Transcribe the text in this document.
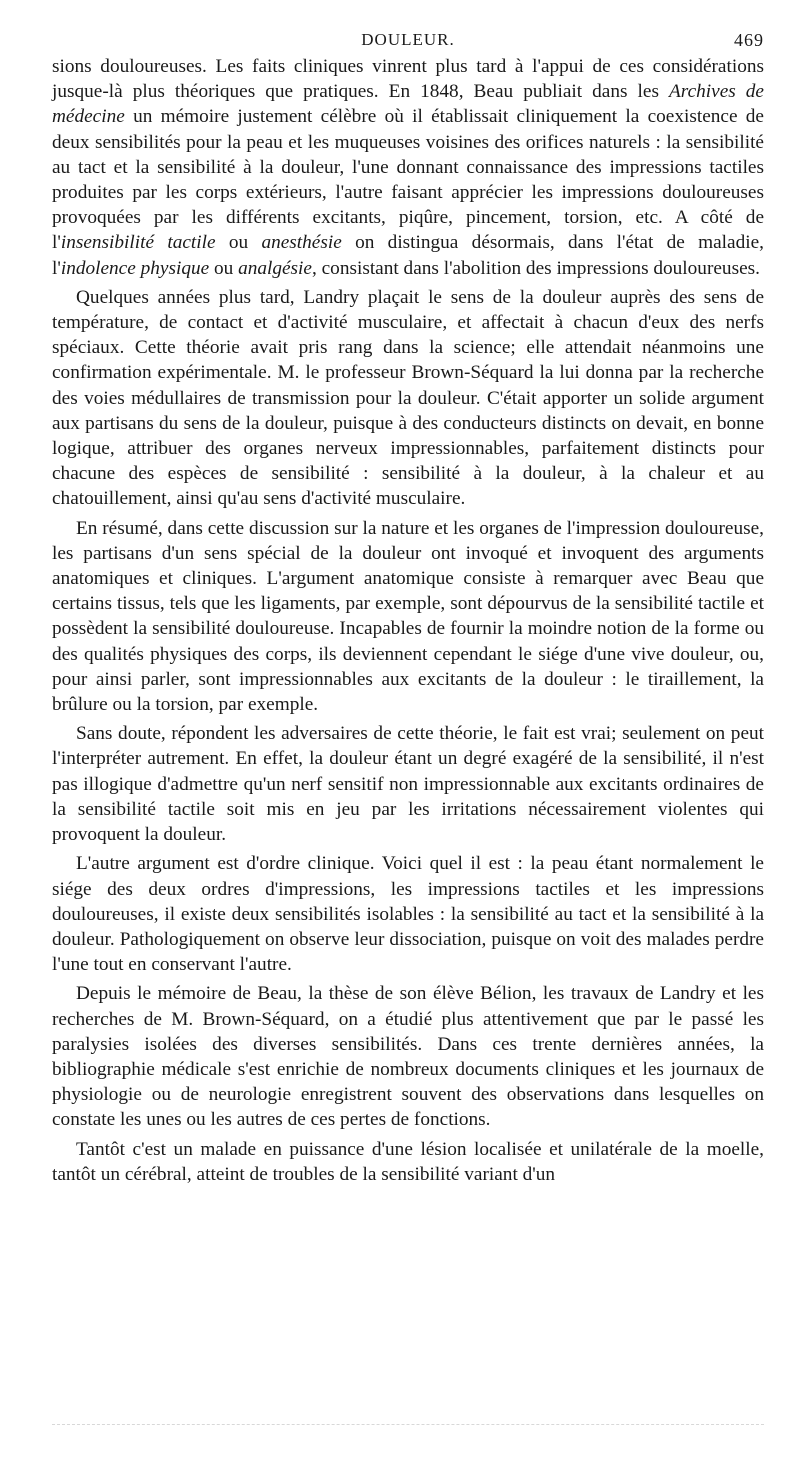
DOULEUR.	469

sions douloureuses. Les faits cliniques vinrent plus tard à l'appui de ces considérations jusque-là plus théoriques que pratiques. En 1848, Beau publiait dans les Archives de médecine un mémoire justement célèbre où il établissait cliniquement la coexistence de deux sensibilités pour la peau et les muqueuses voisines des orifices naturels : la sensibilité au tact et la sensibilité à la douleur, l'une donnant connaissance des impressions tactiles produites par les corps extérieurs, l'autre faisant apprécier les impressions douloureuses provoquées par les différents excitants, piqûre, pincement, torsion, etc. A côté de l'insensibilité tactile ou anesthésie on distingua désormais, dans l'état de maladie, l'indolence physique ou analgésie, consistant dans l'abolition des impressions douloureuses.

Quelques années plus tard, Landry plaçait le sens de la douleur auprès des sens de température, de contact et d'activité musculaire, et affectait à chacun d'eux des nerfs spéciaux. Cette théorie avait pris rang dans la science; elle attendait néanmoins une confirmation expérimentale. M. le professeur Brown-Séquard la lui donna par la recherche des voies médullaires de transmission pour la douleur. C'était apporter un solide argument aux partisans du sens de la douleur, puisque à des conducteurs distincts on devait, en bonne logique, attribuer des organes nerveux impressionnables, parfaitement distincts pour chacune des espèces de sensibilité : sensibilité à la douleur, à la chaleur et au chatouillement, ainsi qu'au sens d'activité musculaire.

En résumé, dans cette discussion sur la nature et les organes de l'impression douloureuse, les partisans d'un sens spécial de la douleur ont invoqué et invoquent des arguments anatomiques et cliniques. L'argument anatomique consiste à remarquer avec Beau que certains tissus, tels que les ligaments, par exemple, sont dépourvus de la sensibilité tactile et possèdent la sensibilité douloureuse. Incapables de fournir la moindre notion de la forme ou des qualités physiques des corps, ils deviennent cependant le siége d'une vive douleur, ou, pour ainsi parler, sont impressionnables aux excitants de la douleur : le tiraillement, la brûlure ou la torsion, par exemple.

Sans doute, répondent les adversaires de cette théorie, le fait est vrai; seulement on peut l'interpréter autrement. En effet, la douleur étant un degré exagéré de la sensibilité, il n'est pas illogique d'admettre qu'un nerf sensitif non impressionnable aux excitants ordinaires de la sensibilité tactile soit mis en jeu par les irritations nécessairement violentes qui provoquent la douleur.

L'autre argument est d'ordre clinique. Voici quel il est : la peau étant normalement le siége des deux ordres d'impressions, les impressions tactiles et les impressions douloureuses, il existe deux sensibilités isolables : la sensibilité au tact et la sensibilité à la douleur. Pathologiquement on observe leur dissociation, puisque on voit des malades perdre l'une tout en conservant l'autre.

Depuis le mémoire de Beau, la thèse de son élève Bélion, les travaux de Landry et les recherches de M. Brown-Séquard, on a étudié plus attentivement que par le passé les paralysies isolées des diverses sensibilités. Dans ces trente dernières années, la bibliographie médicale s'est enrichie de nombreux documents cliniques et les journaux de physiologie ou de neurologie enregistrent souvent des observations dans lesquelles on constate les unes ou les autres de ces pertes de fonctions.

Tantôt c'est un malade en puissance d'une lésion localisée et unilatérale de la moelle, tantôt un cérébral, atteint de troubles de la sensibilité variant d'un
